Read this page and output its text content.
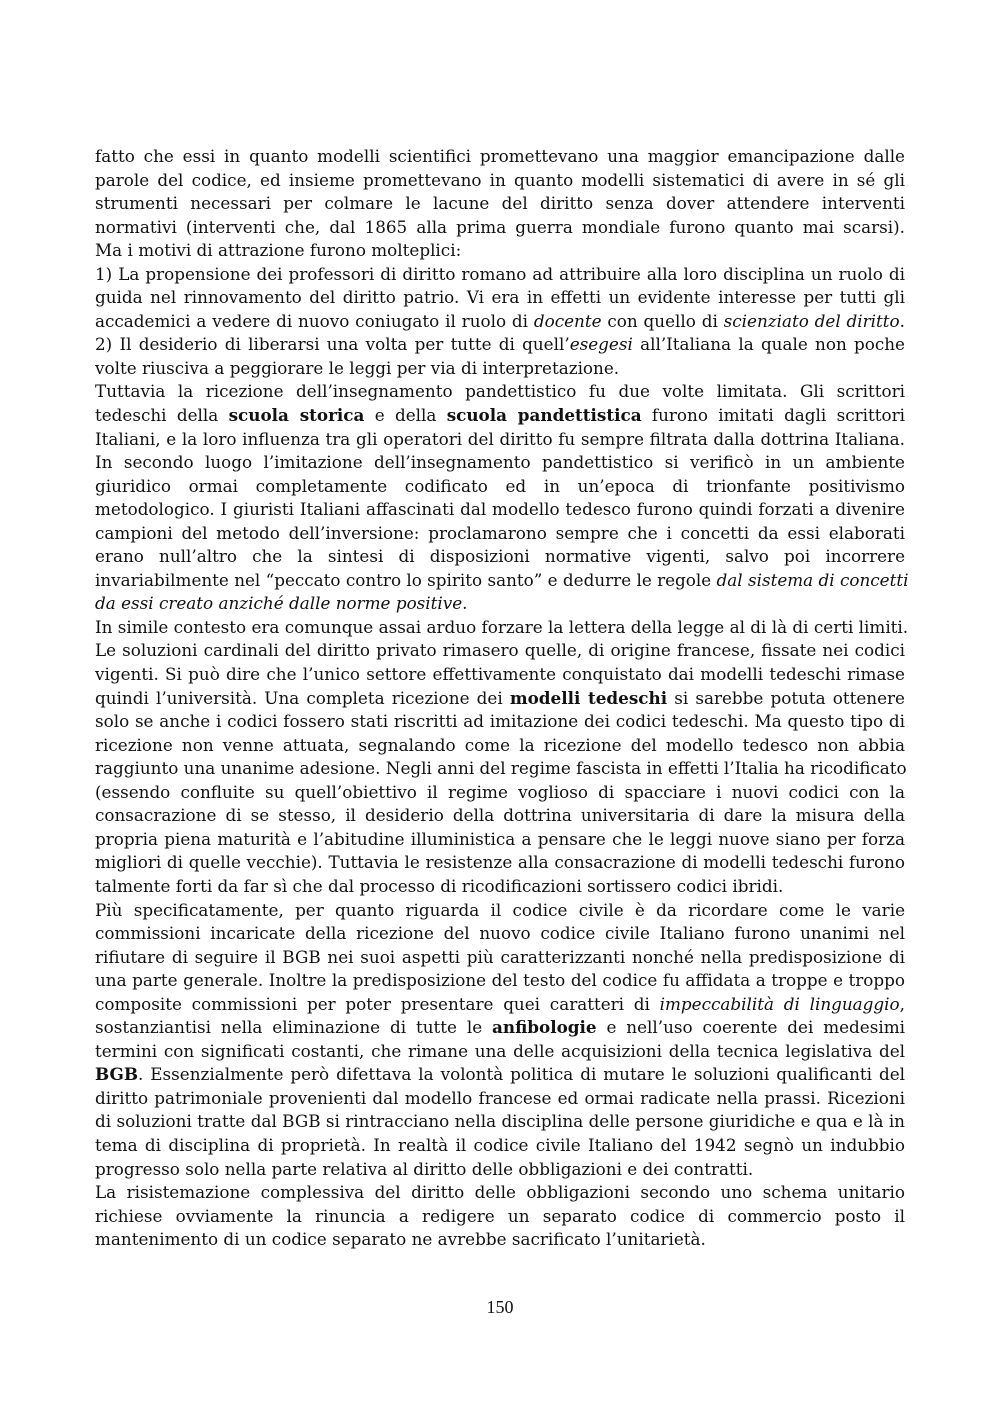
fatto che essi in quanto modelli scientifici promettevano una maggior emancipazione dalle
parole del codice, ed insieme promettevano in quanto modelli sistematici di avere in sé gli
strumenti necessari per colmare le lacune del diritto senza dover attendere interventi
normativi (interventi che, dal 1865 alla prima guerra mondiale furono quanto mai scarsi).
Ma i motivi di attrazione furono molteplici:
1) La propensione dei professori di diritto romano ad attribuire alla loro disciplina un ruolo di
guida nel rinnovamento del diritto patrio. Vi era in effetti un evidente interesse per tutti gli
accademici a vedere di nuovo coniugato il ruolo di docente con quello di scienziato del diritto.
2) Il desiderio di liberarsi una volta per tutte di quell’esegesi all’Italiana la quale non poche
volte riusciva a peggiorare le leggi per via di interpretazione.
Tuttavia la ricezione dell’insegnamento pandettistico fu due volte limitata. Gli scrittori
tedeschi della scuola storica e della scuola pandettistica furono imitati dagli scrittori
Italiani, e la loro influenza tra gli operatori del diritto fu sempre filtrata dalla dottrina Italiana.
In secondo luogo l’imitazione dell’insegnamento pandettistico si verificò in un ambiente
giuridico ormai completamente codificato ed in un’epoca di trionfante positivismo
metodologico. I giuristi Italiani affascinati dal modello tedesco furono quindi forzati a divenire
campioni del metodo dell’inversione: proclamarono sempre che i concetti da essi elaborati
erano null’altro che la sintesi di disposizioni normative vigenti, salvo poi incorrere
invariabilmente nel “peccato contro lo spirito santo” e dedurre le regole dal sistema di concetti
da essi creato anziché dalle norme positive.
In simile contesto era comunque assai arduo forzare la lettera della legge al di là di certi limiti.
Le soluzioni cardinali del diritto privato rimasero quelle, di origine francese, fissate nei codici
vigenti. Si può dire che l’unico settore effettivamente conquistato dai modelli tedeschi rimase
quindi l’università. Una completa ricezione dei modelli tedeschi si sarebbe potuta ottenere
solo se anche i codici fossero stati riscritti ad imitazione dei codici tedeschi. Ma questo tipo di
ricezione non venne attuata, segnalando come la ricezione del modello tedesco non abbia
raggiunto una unanime adesione. Negli anni del regime fascista in effetti l’Italia ha ricodificato
(essendo confluite su quell’obiettivo il regime voglioso di spacciare i nuovi codici con la
consacrazione di se stesso, il desiderio della dottrina universitaria di dare la misura della
propria piena maturità e l’abitudine illuministica a pensare che le leggi nuove siano per forza
migliori di quelle vecchie). Tuttavia le resistenze alla consacrazione di modelli tedeschi furono
talmente forti da far sì che dal processo di ricodificazioni sortissero codici ibridi.
Più specificatamente, per quanto riguarda il codice civile è da ricordare come le varie
commissioni incaricate della ricezione del nuovo codice civile Italiano furono unanimi nel
rifiutare di seguire il BGB nei suoi aspetti più caratterizzanti nonché nella predisposizione di
una parte generale. Inoltre la predisposizione del testo del codice fu affidata a troppe e troppo
composite commissioni per poter presentare quei caratteri di impeccabilità di linguaggio,
sostanziantisi nella eliminazione di tutte le anfibologie e nell’uso coerente dei medesimi
termini con significati costanti, che rimane una delle acquisizioni della tecnica legislativa del
BGB. Essenzialmente però difettava la volontà politica di mutare le soluzioni qualificanti del
diritto patrimoniale provenienti dal modello francese ed ormai radicate nella prassi. Ricezioni
di soluzioni tratte dal BGB si rintracciano nella disciplina delle persone giuridiche e qua e là in
tema di disciplina di proprietà. In realtà il codice civile Italiano del 1942 segnò un indubbio
progresso solo nella parte relativa al diritto delle obbligazioni e dei contratti.
La risistemazione complessiva del diritto delle obbligazioni secondo uno schema unitario
richiese ovviamente la rinuncia a redigere un separato codice di commercio posto il
mantenimento di un codice separato ne avrebbe sacrificato l’unitarietà.
150
